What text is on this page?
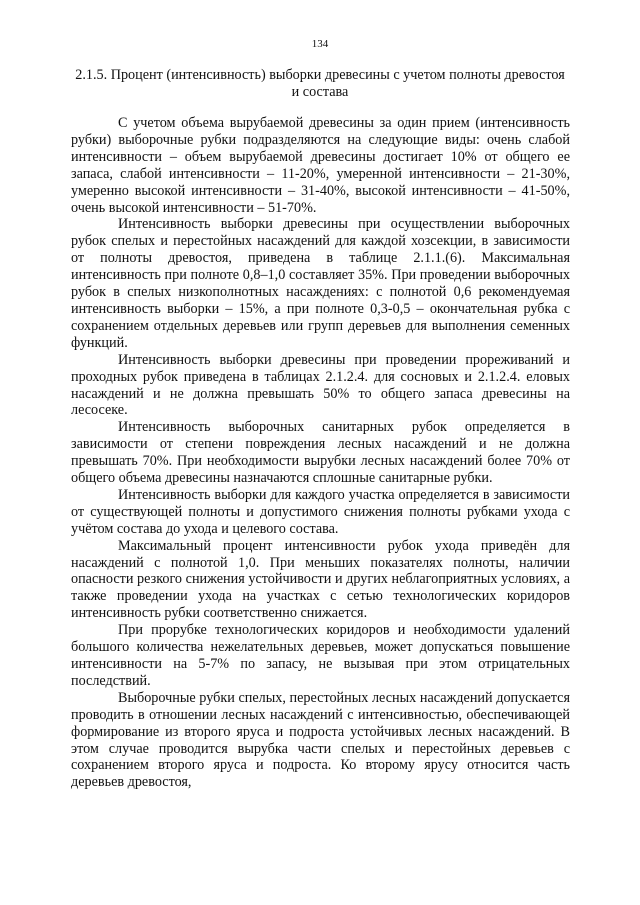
134
2.1.5. Процент (интенсивность) выборки древесины с учетом полноты древостоя и состава

С учетом объема вырубаемой древесины за один прием (интенсивность рубки) выборочные рубки подразделяются на следующие виды: очень слабой интенсивности – объем вырубаемой древесины достигает 10% от общего ее запаса, слабой интенсивности – 11-20%, умеренной интенсивности – 21-30%, умеренно высокой интенсивности – 31-40%, высокой интенсивности – 41-50%, очень высокой интенсивности – 51-70%.

Интенсивность выборки древесины при осуществлении выборочных рубок спелых и перестойных насаждений для каждой хозсекции, в зависимости от полноты древостоя, приведена в таблице 2.1.1.(6). Максимальная интенсивность при полноте 0,8–1,0 составляет 35%. При проведении выборочных рубок в спелых низкополнотных насаждениях: с полнотой 0,6 рекомендуемая интенсивность выборки – 15%, а при полноте 0,3-0,5 – окончательная рубка с сохранением отдельных деревьев или групп деревьев для выполнения семенных функций.

Интенсивность выборки древесины при проведении прореживаний и проходных рубок приведена в таблицах 2.1.2.4. для сосновых и 2.1.2.4. еловых насаждений и не должна превышать 50% то общего запаса древесины на лесосеке.

Интенсивность выборочных санитарных рубок определяется в зависимости от степени повреждения лесных насаждений и не должна превышать 70%. При необходимости вырубки лесных насаждений более 70% от общего объема древесины назначаются сплошные санитарные рубки.

Интенсивность выборки для каждого участка определяется в зависимости от существующей полноты и допустимого снижения полноты рубками ухода с учётом состава до ухода и целевого состава.

Максимальный процент интенсивности рубок ухода приведён для насаждений с полнотой 1,0. При меньших показателях полноты, наличии опасности резкого снижения устойчивости и других неблагоприятных условиях, а также проведении ухода на участках с сетью технологических коридоров интенсивность рубки соответственно снижается.

При прорубке технологических коридоров и необходимости удалений большого количества нежелательных деревьев, может допускаться повышение интенсивности на 5-7% по запасу, не вызывая при этом отрицательных последствий.

Выборочные рубки спелых, перестойных лесных насаждений допускается проводить в отношении лесных насаждений с интенсивностью, обеспечивающей формирование из второго яруса и подроста устойчивых лесных насаждений. В этом случае проводится вырубка части спелых и перестойных деревьев с сохранением второго яруса и подроста. Ко второму ярусу относится часть деревьев древостоя,
